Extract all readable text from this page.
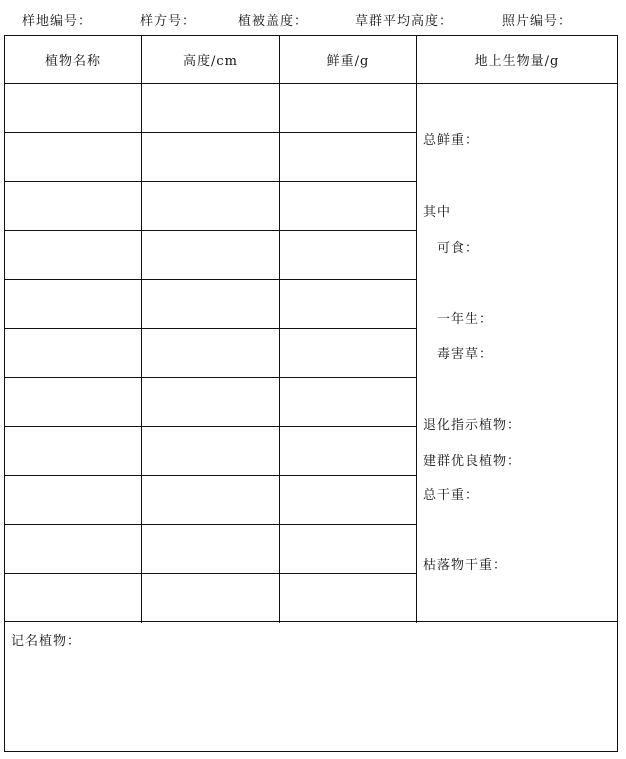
样地编号：	样方号：	植被盖度：	草群平均高度：	照片编号：
植物名称	高度/cm	鲜重/g	地上生物量/g
总鲜重：
其中
可食：
一年生：
毒害草：
退化指示植物：
建群优良植物：
总干重：
枯落物干重：
记名植物：
